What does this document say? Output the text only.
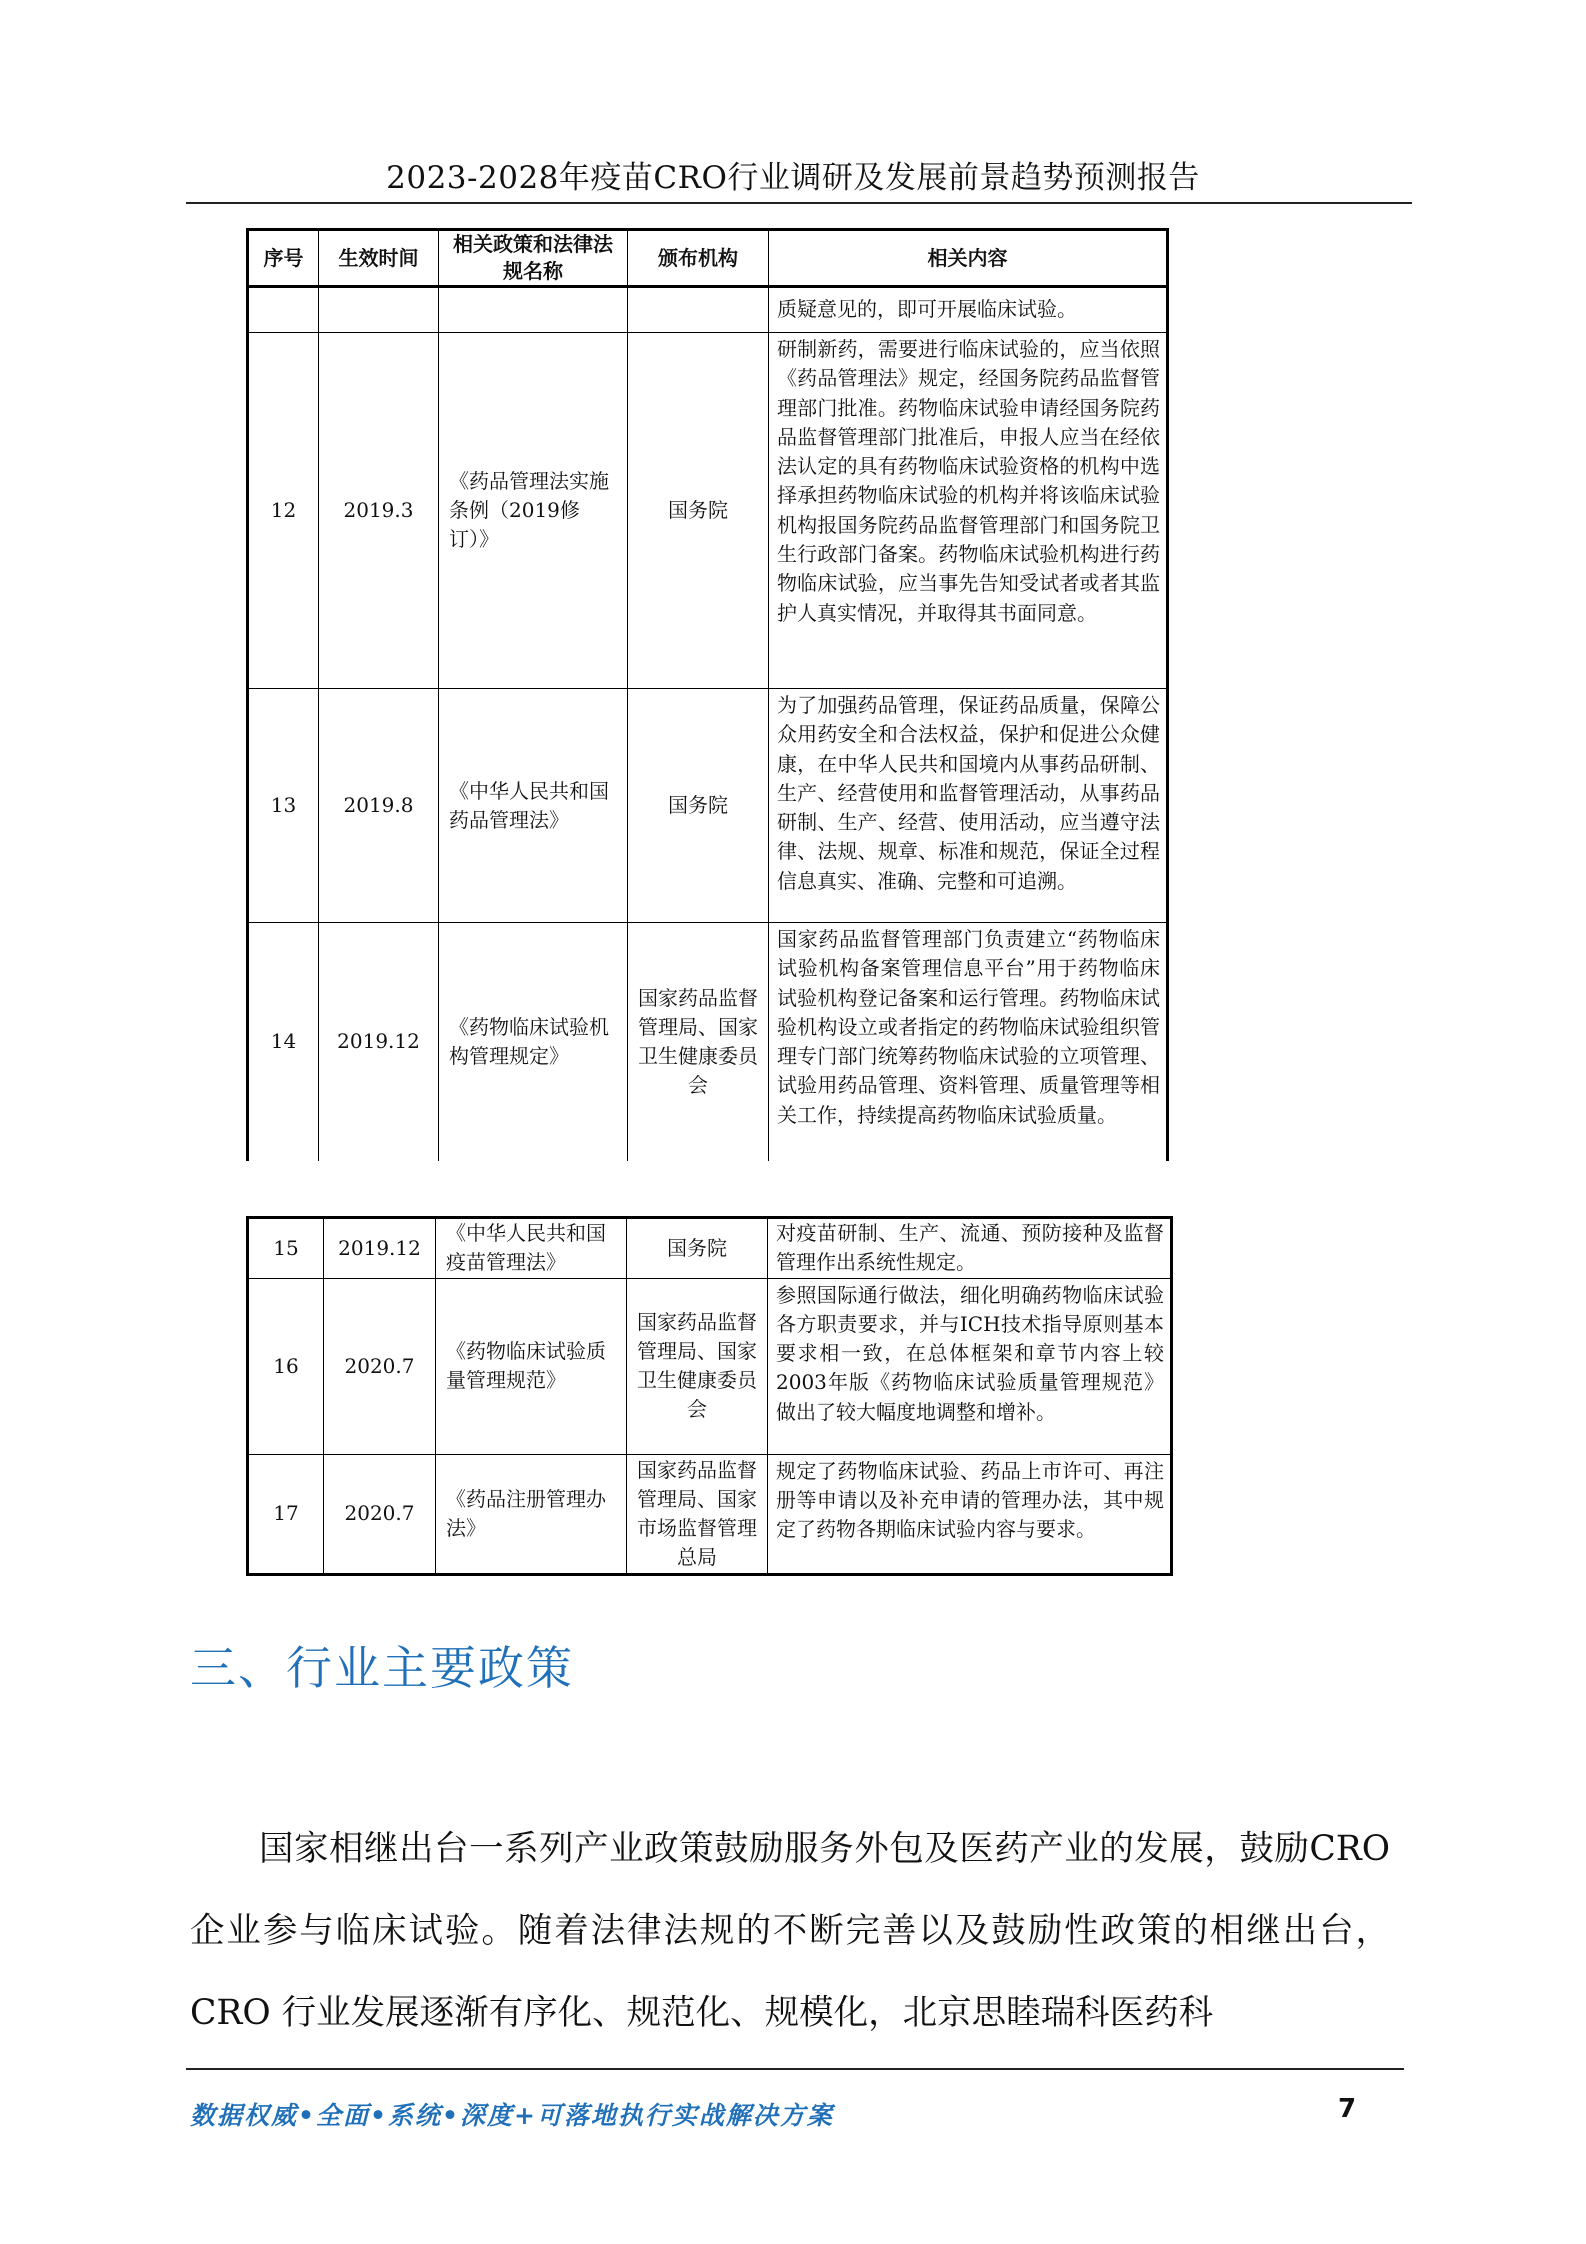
2023-2028年疫苗CRO行业调研及发展前景趋势预测报告
序号	生效时间	相关政策和法律法规名称	颁布机构	相关内容
				质疑意见的，即可开展临床试验。
12	2019.3	《药品管理法实施条例（2019修订）》	国务院	研制新药，需要进行临床试验的，应当依照《药品管理法》规定，经国务院药品监督管理部门批准。药物临床试验申请经国务院药品监督管理部门批准后，申报人应当在经依法认定的具有药物临床试验资格的机构中选择承担药物临床试验的机构并将该临床试验机构报国务院药品监督管理部门和国务院卫生行政部门备案。药物临床试验机构进行药物临床试验，应当事先告知受试者或者其监护人真实情况，并取得其书面同意。
13	2019.8	《中华人民共和国药品管理法》	国务院	为了加强药品管理，保证药品质量，保障公众用药安全和合法权益，保护和促进公众健康，在中华人民共和国境内从事药品研制、生产、经营使用和监督管理活动，从事药品研制、生产、经营、使用活动，应当遵守法律、法规、规章、标准和规范，保证全过程信息真实、准确、完整和可追溯。
14	2019.12	《药物临床试验机构管理规定》	国家药品监督管理局、国家卫生健康委员会	国家药品监督管理部门负责建立“药物临床试验机构备案管理信息平台”用于药物临床试验机构登记备案和运行管理。药物临床试验机构设立或者指定的药物临床试验组织管理专门部门统筹药物临床试验的立项管理、试验用药品管理、资料管理、质量管理等相关工作，持续提高药物临床试验质量。
15	2019.12	《中华人民共和国疫苗管理法》	国务院	对疫苗研制、生产、流通、预防接种及监督管理作出系统性规定。
16	2020.7	《药物临床试验质量管理规范》	国家药品监督管理局、国家卫生健康委员会	参照国际通行做法，细化明确药物临床试验各方职责要求，并与ICH技术指导原则基本要求相一致，在总体框架和章节内容上较2003年版《药物临床试验质量管理规范》做出了较大幅度地调整和增补。
17	2020.7	《药品注册管理办法》	国家药品监督管理局、国家市场监督管理总局	规定了药物临床试验、药品上市许可、再注册等申请以及补充申请的管理办法，其中规定了药物各期临床试验内容与要求。
三、行业主要政策
国家相继出台一系列产业政策鼓励服务外包及医药产业的发展，鼓励CRO 企业参与临床试验。随着法律法规的不断完善以及鼓励性政策的相继出台，CRO 行业发展逐渐有序化、规范化、规模化，北京思睦瑞科医药科
数据权威•全面•系统•深度+可落地执行实战解决方案	7
